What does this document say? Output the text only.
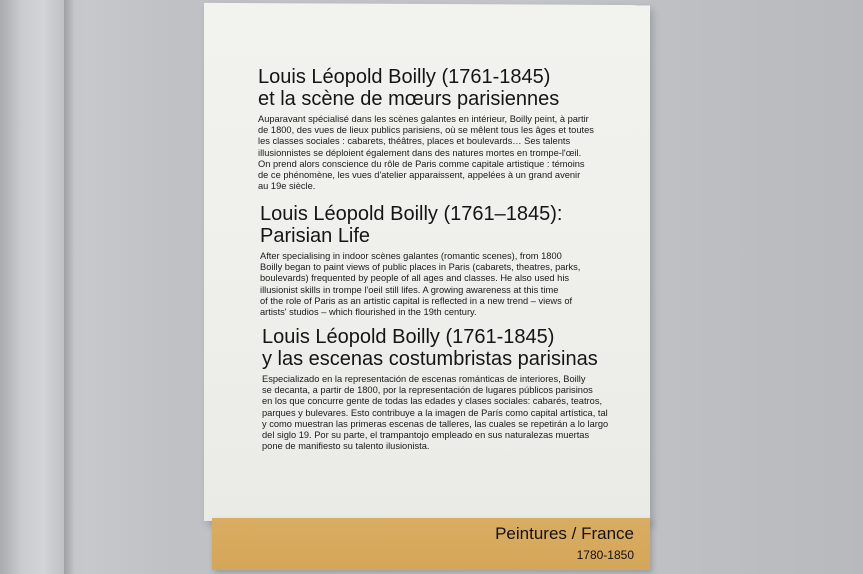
Louis Léopold Boilly (1761-1845)
et la scène de mœurs parisiennes
Auparavant spécialisé dans les scènes galantes en intérieur, Boilly peint, à partir
de 1800, des vues de lieux publics parisiens, où se mêlent tous les âges et toutes
les classes sociales : cabarets, théâtres, places et boulevards… Ses talents
illusionnistes se déploient également dans des natures mortes en trompe-l'œil.
On prend alors conscience du rôle de Paris comme capitale artistique : témoins
de ce phénomène, les vues d'atelier apparaissent, appelées à un grand avenir
au 19e siècle.
Louis Léopold Boilly (1761–1845):
Parisian Life
After specialising in indoor scènes galantes (romantic scenes), from 1800
Boilly began to paint views of public places in Paris (cabarets, theatres, parks,
boulevards) frequented by people of all ages and classes. He also used his
illusionist skills in trompe l'oeil still lifes. A growing awareness at this time
of the role of Paris as an artistic capital is reflected in a new trend – views of
artists' studios – which flourished in the 19th century.
Louis Léopold Boilly (1761-1845)
y las escenas costumbristas parisinas
Especializado en la representación de escenas románticas de interiores, Boilly
se decanta, a partir de 1800, por la representación de lugares públicos parisinos
en los que concurre gente de todas las edades y clases sociales: cabarés, teatros,
parques y bulevares. Esto contribuye a la imagen de París como capital artística, tal
y como muestran las primeras escenas de talleres, las cuales se repetirán a lo largo
del siglo 19. Por su parte, el trampantojo empleado en sus naturalezas muertas
pone de manifiesto su talento ilusionista.
Peintures / France
1780-1850
